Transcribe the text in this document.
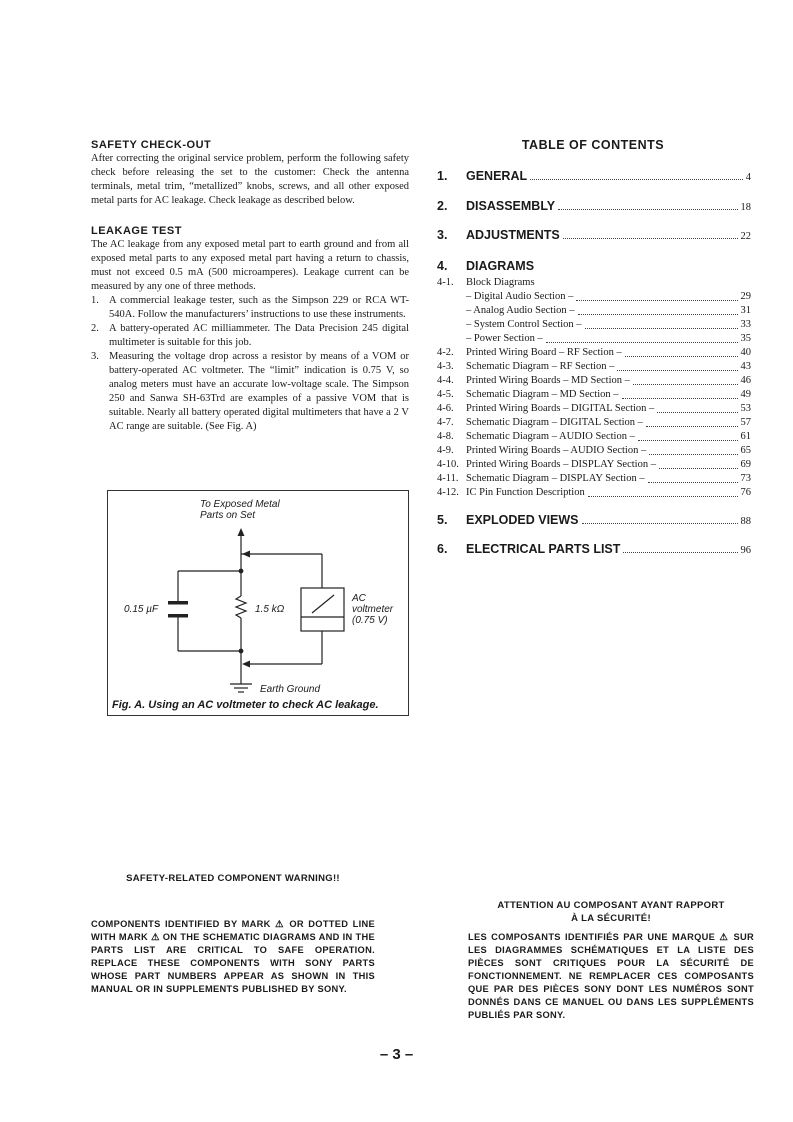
SAFETY CHECK-OUT

After correcting the original service problem, perform the following safety check before releasing the set to the customer: Check the antenna terminals, metal trim, “metallized” knobs, screws, and all other exposed metal parts for AC leakage. Check leakage as described below.

LEAKAGE TEST

The AC leakage from any exposed metal part to earth ground and from all exposed metal parts to any exposed metal part having a return to chassis, must not exceed 0.5 mA (500 microamperes). Leakage current can be measured by any one of three methods.

1. A commercial leakage tester, such as the Simpson 229 or RCA WT-540A. Follow the manufacturers’ instructions to use these instruments.
2. A battery-operated AC milliammeter. The Data Precision 245 digital multimeter is suitable for this job.
3. Measuring the voltage drop across a resistor by means of a VOM or battery-operated AC voltmeter. The “limit” indication is 0.75 V, so analog meters must have an accurate low-voltage scale. The Simpson 250 and Sanwa SH-63Trd are examples of a passive VOM that is suitable. Nearly all battery operated digital multimeters that have a 2 V AC range are suitable. (See Fig. A)
To Exposed Metal
Parts on Set
0.15 µF	1.5 kΩ
AC
voltmeter
(0.75 V)
Earth Ground
Fig. A. Using an AC voltmeter to check AC leakage.
TABLE OF CONTENTS
1.	GENERAL	4
2.	DISASSEMBLY	18
3.	ADJUSTMENTS	22
4.	DIAGRAMS
4-1.	Block Diagrams
– Digital Audio Section –	29
– Analog Audio Section –	31
– System Control Section –	33
– Power Section –	35
4-2.	Printed Wiring Board – RF Section –	40
4-3.	Schematic Diagram – RF Section –	43
4-4.	Printed Wiring Boards – MD Section –	46
4-5.	Schematic Diagram – MD Section –	49
4-6.	Printed Wiring Boards – DIGITAL Section –	53
4-7.	Schematic Diagram – DIGITAL Section –	57
4-8.	Schematic Diagram – AUDIO Section –	61
4-9.	Printed Wiring Boards – AUDIO Section –	65
4-10. Printed Wiring Boards – DISPLAY Section –	69
4-11. Schematic Diagram – DISPLAY Section –	73
4-12. IC Pin Function Description	76
5.	EXPLODED VIEWS	88
6.	ELECTRICAL PARTS LIST	96
SAFETY-RELATED COMPONENT WARNING!!

COMPONENTS IDENTIFIED BY MARK ⚠ OR DOTTED LINE WITH MARK ⚠ ON THE SCHEMATIC DIAGRAMS AND IN THE PARTS LIST ARE CRITICAL TO SAFE OPERATION. REPLACE THESE COMPONENTS WITH SONY PARTS WHOSE PART NUMBERS APPEAR AS SHOWN IN THIS MANUAL OR IN SUPPLEMENTS PUBLISHED BY SONY.

ATTENTION AU COMPOSANT AYANT RAPPORT
À LA SÉCURITÉ!

LES COMPOSANTS IDENTIFIÉS PAR UNE MARQUE ⚠ SUR LES DIAGRAMMES SCHÉMATIQUES ET LA LISTE DES PIÈCES SONT CRITIQUES POUR LA SÉCURITÉ DE FONCTIONNEMENT. NE REMPLACER CES COMPOSANTS QUE PAR DES PIÈCES SONY DONT LES NUMÉROS SONT DONNÉS DANS CE MANUEL OU DANS LES SUPPLÉMENTS PUBLIÉS PAR SONY.

– 3 –
